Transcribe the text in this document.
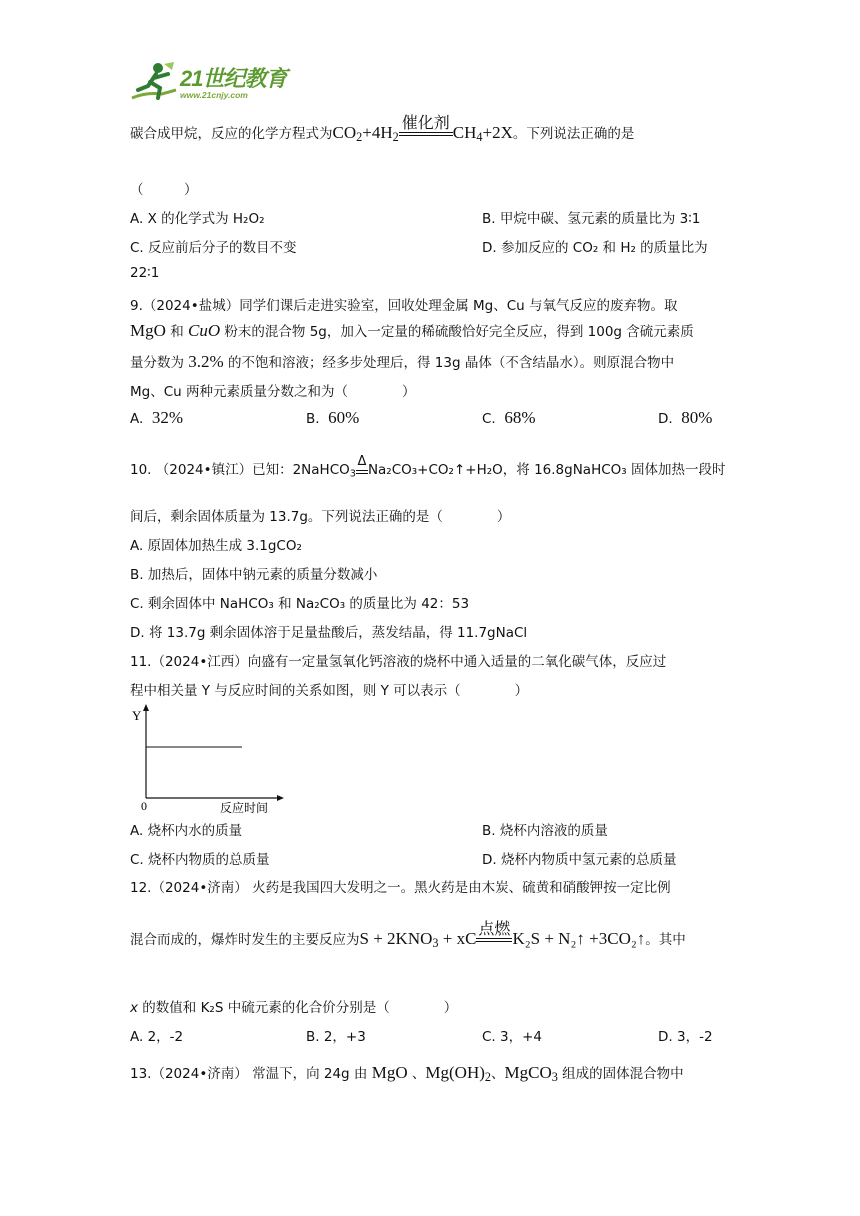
21世纪教育
www.21cnjy.com
碳合成甲烷，反应的化学方程式为$CO_2+4H_2$
催化剂
$CH_4+2X$。下列说法正确的是
（　　　）
A. X 的化学式为 H₂O₂	B. 甲烷中碳、氢元素的质量比为 3∶1
C. 反应前后分子的数目不变	D. 参加反应的 CO₂ 和 H₂ 的质量比为
22∶1
9.（2024•盐城）同学们课后走进实验室，回收处理金属 Mg、Cu 与氧气反应的废弃物。取
MgO 和 CuO 粉末的混合物 5g，加入一定量的稀硫酸恰好完全反应，得到 100g 含硫元素质
量分数为 3.2% 的不饱和溶液；经多步处理后，得 13g 晶体（不含结晶水）。则原混合物中
Mg、Cu 两种元素质量分数之和为（　　　　）
A. 32%	B. 60%	C. 68%	D. 80%
10. （2024•镇江）已知：2NaHCO$_3$
Δ
Na₂CO₃+CO₂↑+H₂O，将 16.8gNaHCO₃ 固体加热一段时
间后，剩余固体质量为 13.7g。下列说法正确的是（　　　　）
A. 原固体加热生成 3.1gCO₂
B. 加热后，固体中钠元素的质量分数减小
C. 剩余固体中 NaHCO₃ 和 Na₂CO₃ 的质量比为 42：53
D. 将 13.7g 剩余固体溶于足量盐酸后，蒸发结晶，得 11.7gNaCl
11.（2024•江西）向盛有一定量氢氧化钙溶液的烧杯中通入适量的二氧化碳气体，反应过
程中相关量 Y 与反应时间的关系如图，则 Y 可以表示（　　　　）
Y
0	反应时间
A. 烧杯内水的质量	B. 烧杯内溶液的质量
C. 烧杯内物质的总质量	D. 烧杯内物质中氢元素的总质量
12.（2024•济南） 火药是我国四大发明之一。黑火药是由木炭、硫黄和硝酸钾按一定比例
混合而成的，爆炸时发生的主要反应为$S + 2KNO_3$ + xC
点燃
K₂S + N₂↑ +3CO₂↑。其中
x 的数值和 K₂S 中硫元素的化合价分别是（　　　　）
A. 2，-2	B. 2，+3	C. 3，+4	D. 3，-2
13.（2024•济南） 常温下，向 24g 由 MgO 、$Mg(OH)_2$、MgCO$_3$ 组成的固体混合物中
